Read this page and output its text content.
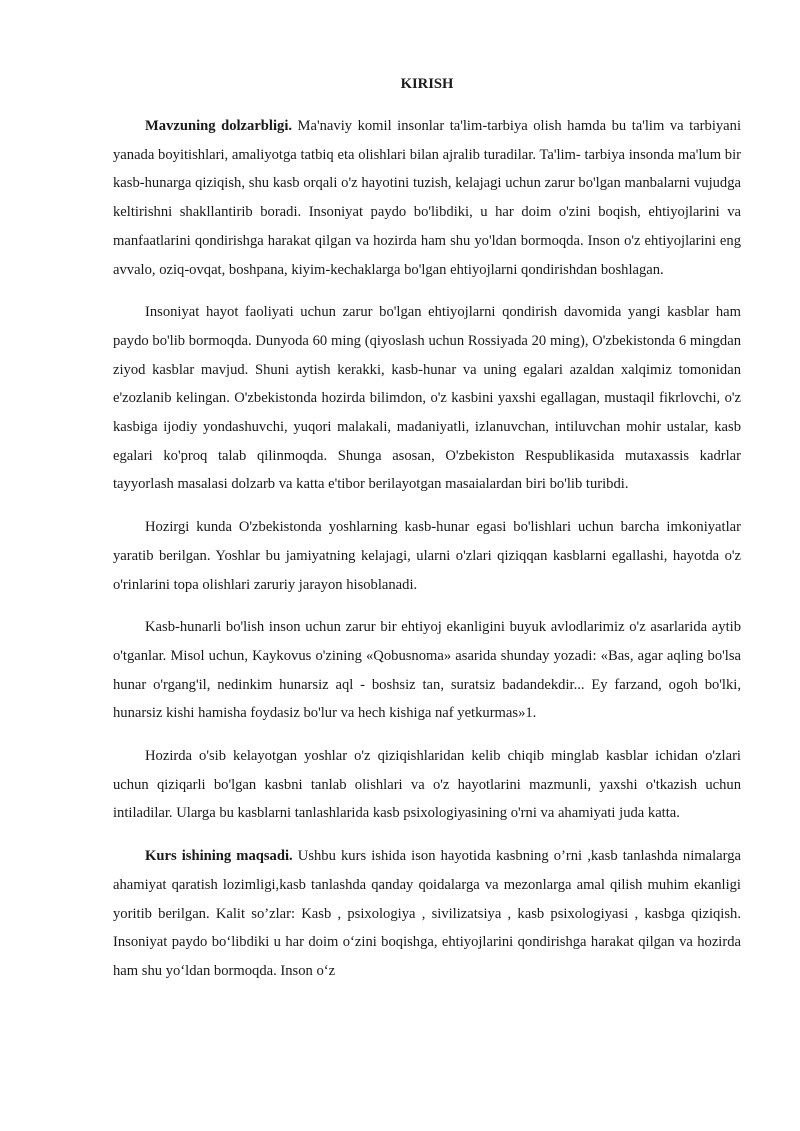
KIRISH

Mavzuning dolzarbligi. Ma'naviy komil insonlar ta'lim-tarbiya olish hamda bu ta'lim va tarbiyani yanada boyitishlari, amaliyotga tatbiq eta olishlari bilan ajralib turadilar. Ta'lim- tarbiya insonda ma'lum bir kasb-hunarga qiziqish, shu kasb orqali o'z hayotini tuzish, kelajagi uchun zarur bo'lgan manbalarni vujudga keltirishni shakllantirib boradi. Insoniyat paydo bo'libdiki, u har doim o'zini boqish, ehtiyojlarini va manfaatlarini qondirishga harakat qilgan va hozirda ham shu yo'ldan bormoqda. Inson o'z ehtiyojlarini eng avvalo, oziq-ovqat, boshpana, kiyim-kechaklarga bo'lgan ehtiyojlarni qondirishdan boshlagan.

Insoniyat hayot faoliyati uchun zarur bo'lgan ehtiyojlarni qondirish davomida yangi kasblar ham paydo bo'lib bormoqda. Dunyoda 60 ming (qiyoslash uchun Rossiyada 20 ming), O'zbekistonda 6 mingdan ziyod kasblar mavjud. Shuni aytish kerakki, kasb-hunar va uning egalari azaldan xalqimiz tomonidan e'zozlanib kelingan. O'zbekistonda hozirda bilimdon, o'z kasbini yaxshi egallagan, mustaqil fikrlovchi, o'z kasbiga ijodiy yondashuvchi, yuqori malakali, madaniyatli, izlanuvchan, intiluvchan mohir ustalar, kasb egalari ko'proq talab qilinmoqda. Shunga asosan, O'zbekiston Respublikasida mutaxassis kadrlar tayyorlash masalasi dolzarb va katta e'tibor berilayotgan masaialardan biri bo'lib turibdi.

Hozirgi kunda O'zbekistonda yoshlarning kasb-hunar egasi bo'lishlari uchun barcha imkoniyatlar yaratib berilgan. Yoshlar bu jamiyatning kelajagi, ularni o'zlari qiziqqan kasblarni egallashi, hayotda o'z o'rinlarini topa olishlari zaruriy jarayon hisoblanadi.

Kasb-hunarli bo'lish inson uchun zarur bir ehtiyoj ekanligini buyuk avlodlarimiz o'z asarlarida aytib o'tganlar. Misol uchun, Kaykovus o'zining «Qobusnoma» asarida shunday yozadi: «Bas, agar aqling bo'lsa hunar o'rgang'il, nedinkim hunarsiz aql - boshsiz tan, suratsiz badandekdir... Ey farzand, ogoh bo'lki, hunarsiz kishi hamisha foydasiz bo'lur va hech kishiga naf yetkurmas»1.

Hozirda o'sib kelayotgan yoshlar o'z qiziqishlaridan kelib chiqib minglab kasblar ichidan o'zlari uchun qiziqarli bo'lgan kasbni tanlab olishlari va o'z hayotlarini mazmunli, yaxshi o'tkazish uchun intiladilar. Ularga bu kasblarni tanlashlarida kasb psixologiyasining o'rni va ahamiyati juda katta.

Kurs ishining maqsadi. Ushbu kurs ishida ison hayotida kasbning o’rni ,kasb tanlashda nimalarga ahamiyat qaratish lozimligi,kasb tanlashda qanday qoidalarga va mezonlarga amal qilish muhim ekanligi yoritib berilgan. Kalit so’zlar: Kasb , psixologiya , sivilizatsiya , kasb psixologiyasi , kasbga qiziqish. Insoniyat paydo bo‘libdiki u har doim o‘zini boqishga, ehtiyojlarini qondirishga harakat qilgan va hozirda ham shu yo‘ldan bormoqda. Inson o‘z
